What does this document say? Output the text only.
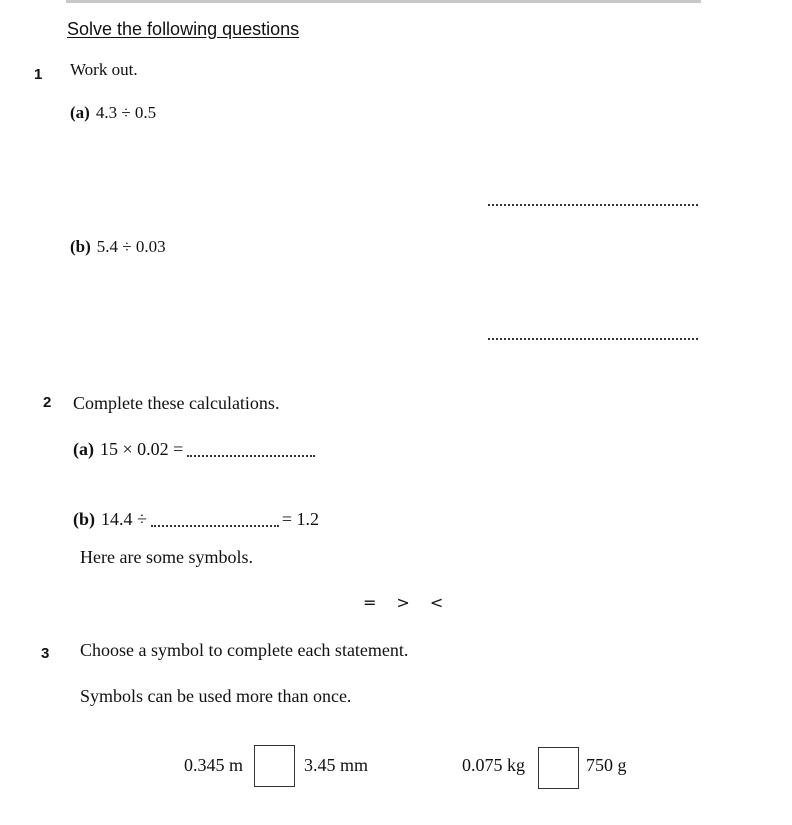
Solve the following questions
1 Work out.
(a) 4.3 ÷ 0.5
(b) 5.4 ÷ 0.03
2 Complete these calculations.
(a) 15 × 0.02 =
(b) 14.4 ÷	= 1.2
Here are some symbols.
= > <
3 Choose a symbol to complete each statement.
Symbols can be used more than once.
0.345 m	3.45 mm	0.075 kg	750 g
